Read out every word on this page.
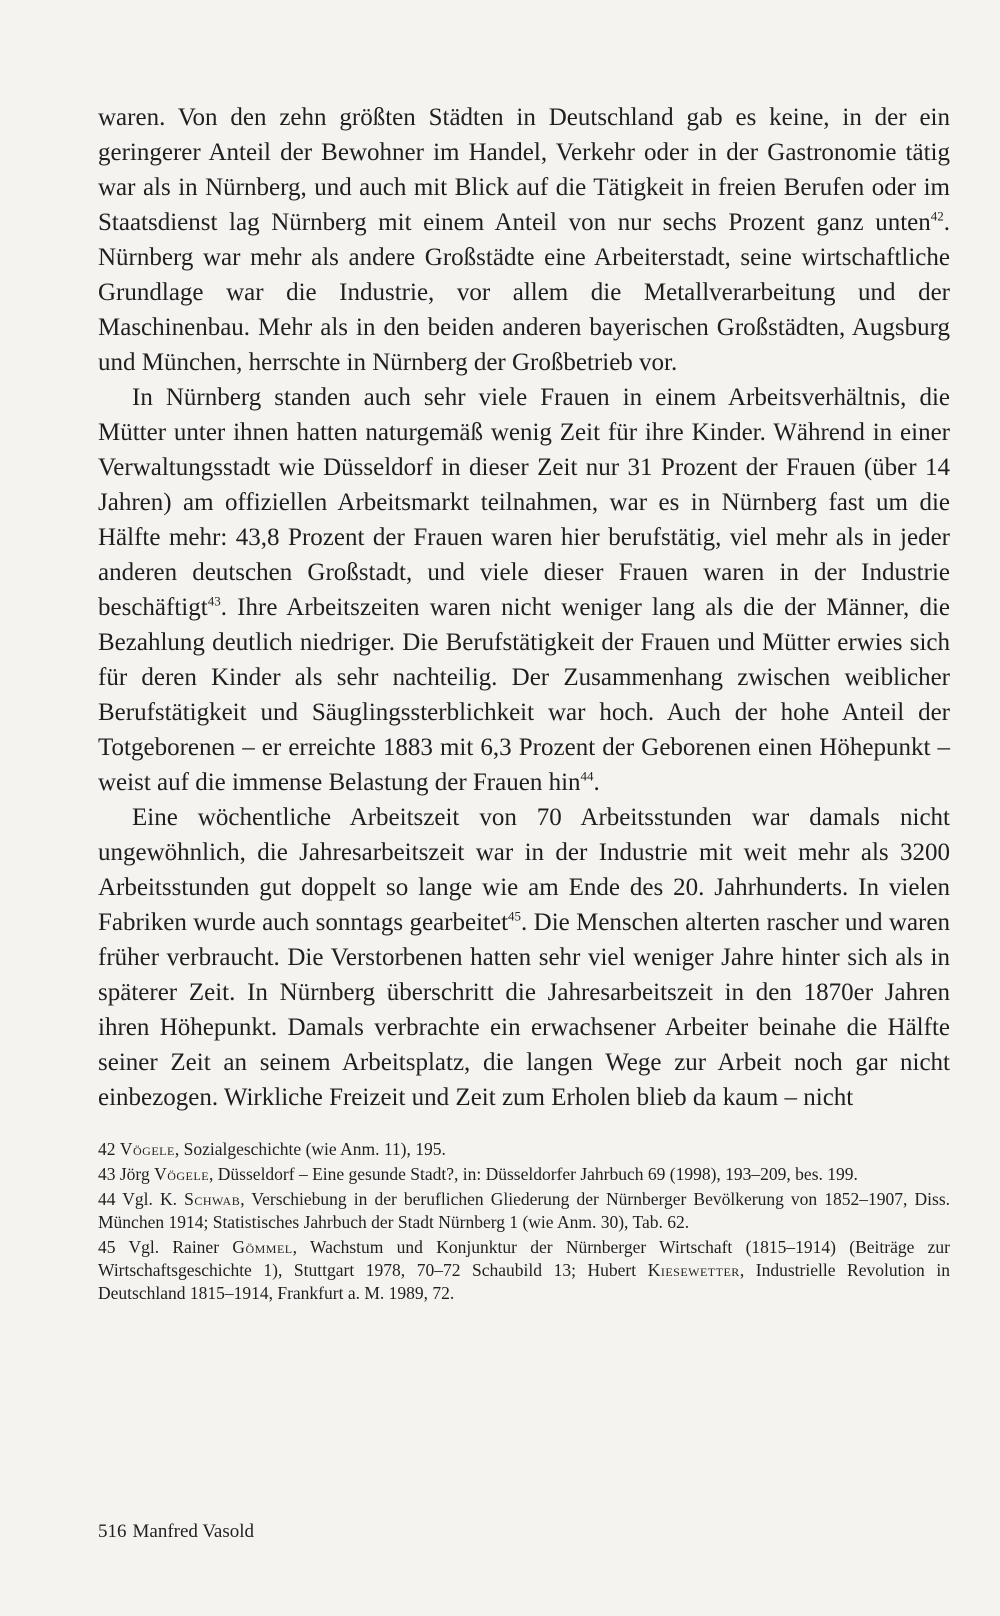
waren. Von den zehn größten Städten in Deutschland gab es keine, in der ein geringerer Anteil der Bewohner im Handel, Verkehr oder in der Gastronomie tätig war als in Nürnberg, und auch mit Blick auf die Tätigkeit in freien Berufen oder im Staatsdienst lag Nürnberg mit einem Anteil von nur sechs Prozent ganz unten$^{42}$. Nürnberg war mehr als andere Großstädte eine Arbeiterstadt, seine wirtschaftliche Grundlage war die Industrie, vor allem die Metallverarbeitung und der Maschinenbau. Mehr als in den beiden anderen bayerischen Großstädten, Augsburg und München, herrschte in Nürnberg der Großbetrieb vor.

In Nürnberg standen auch sehr viele Frauen in einem Arbeitsverhältnis, die Mütter unter ihnen hatten naturgemäß wenig Zeit für ihre Kinder. Während in einer Verwaltungsstadt wie Düsseldorf in dieser Zeit nur 31 Prozent der Frauen (über 14 Jahren) am offiziellen Arbeitsmarkt teilnahmen, war es in Nürnberg fast um die Hälfte mehr: 43,8 Prozent der Frauen waren hier berufstätig, viel mehr als in jeder anderen deutschen Großstadt, und viele dieser Frauen waren in der Industrie beschäftigt$^{43}$. Ihre Arbeitszeiten waren nicht weniger lang als die der Männer, die Bezahlung deutlich niedriger. Die Berufstätigkeit der Frauen und Mütter erwies sich für deren Kinder als sehr nachteilig. Der Zusammenhang zwischen weiblicher Berufstätigkeit und Säuglingssterblichkeit war hoch. Auch der hohe Anteil der Totgeborenen – er erreichte 1883 mit 6,3 Prozent der Geborenen einen Höhepunkt – weist auf die immense Belastung der Frauen hin$^{44}$.

Eine wöchentliche Arbeitszeit von 70 Arbeitsstunden war damals nicht ungewöhnlich, die Jahresarbeitszeit war in der Industrie mit weit mehr als 3200 Arbeitsstunden gut doppelt so lange wie am Ende des 20. Jahrhunderts. In vielen Fabriken wurde auch sonntags gearbeitet$^{45}$. Die Menschen alterten rascher und waren früher verbraucht. Die Verstorbenen hatten sehr viel weniger Jahre hinter sich als in späterer Zeit. In Nürnberg überschritt die Jahresarbeitszeit in den 1870er Jahren ihren Höhepunkt. Damals verbrachte ein erwachsener Arbeiter beinahe die Hälfte seiner Zeit an seinem Arbeitsplatz, die langen Wege zur Arbeit noch gar nicht einbezogen. Wirkliche Freizeit und Zeit zum Erholen blieb da kaum – nicht

42 Vögele, Sozialgeschichte (wie Anm. 11), 195.

43 Jörg Vögele, Düsseldorf – Eine gesunde Stadt?, in: Düsseldorfer Jahrbuch 69 (1998), 193–209, bes. 199.

44 Vgl. K. Schwab, Verschiebung in der beruflichen Gliederung der Nürnberger Bevölkerung von 1852–1907, Diss. München 1914; Statistisches Jahrbuch der Stadt Nürnberg 1 (wie Anm. 30), Tab. 62.

45 Vgl. Rainer Gömmel, Wachstum und Konjunktur der Nürnberger Wirtschaft (1815–1914) (Beiträge zur Wirtschaftsgeschichte 1), Stuttgart 1978, 70–72 Schaubild 13; Hubert Kiesewetter, Industrielle Revolution in Deutschland 1815–1914, Frankfurt a. M. 1989, 72.

516 Manfred Vasold
